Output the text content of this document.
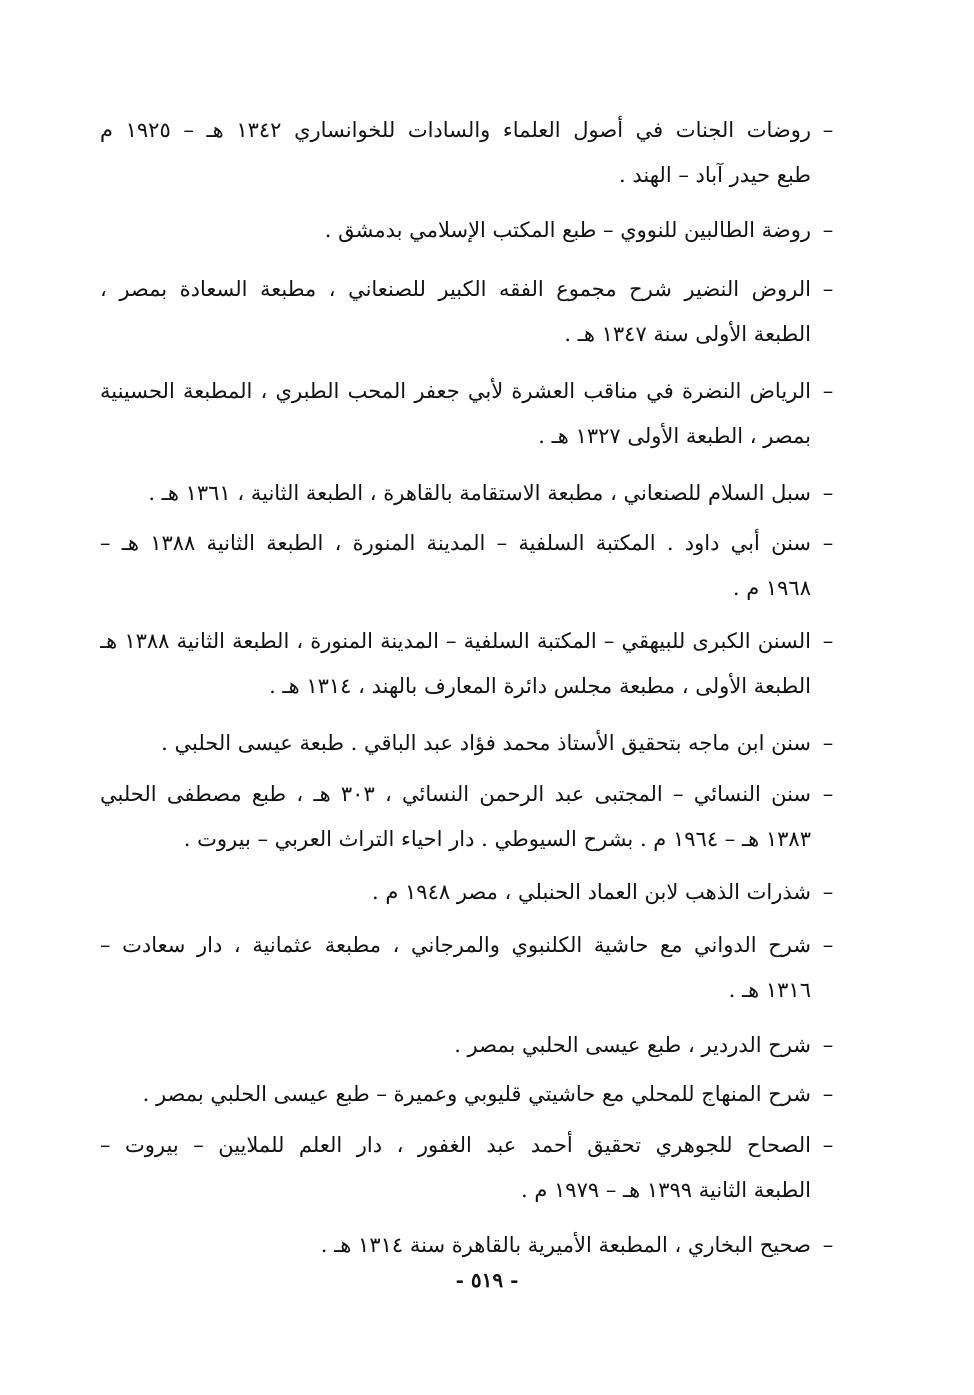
–
روضات الجنات في أصول العلماء والسادات للخوانساري ١٣٤٢ هـ – ١٩٢٥ م
طبع حيدر آباد – الهند .
–
روضة الطالبين للنووي – طبع المكتب الإسلامي بدمشق .
–
الروض النضير شرح مجموع الفقه الكبير للصنعاني ، مطبعة السعادة بمصر ،
الطبعة الأولى سنة ١٣٤٧ هـ .
–
الرياض النضرة في مناقب العشرة لأبي جعفر المحب الطبري ، المطبعة الحسينية
بمصر ، الطبعة الأولى ١٣٢٧ هـ .
–
سبل السلام للصنعاني ، مطبعة الاستقامة بالقاهرة ، الطبعة الثانية ، ١٣٦١ هـ .
–
سنن أبي داود . المكتبة السلفية – المدينة المنورة ، الطبعة الثانية ١٣٨٨ هـ –
١٩٦٨ م .
–
السنن الكبرى للبيهقي – المكتبة السلفية – المدينة المنورة ، الطبعة الثانية ١٣٨٨ هـ
الطبعة الأولى ، مطبعة مجلس دائرة المعارف بالهند ، ١٣١٤ هـ .
–
سنن ابن ماجه بتحقيق الأستاذ محمد فؤاد عبد الباقي . طبعة عيسى الحلبي .
–
سنن النسائي – المجتبى عبد الرحمن النسائي ، ٣٠٣ هـ ، طبع مصطفى الحلبي
١٣٨٣ هـ – ١٩٦٤ م . بشرح السيوطي . دار احياء التراث العربي – بيروت .
–
شذرات الذهب لابن العماد الحنبلي ، مصر ١٩٤٨ م .
–
شرح الدواني مع حاشية الكلنبوي والمرجاني ، مطبعة عثمانية ، دار سعادت –
١٣١٦ هـ .
–
شرح الدردير ، طبع عيسى الحلبي بمصر .
–
شرح المنهاج للمحلي مع حاشيتي قليوبي وعميرة – طبع عيسى الحلبي بمصر .
–
الصحاح للجوهري تحقيق أحمد عبد الغفور ، دار العلم للملايين – بيروت –
الطبعة الثانية ١٣٩٩ هـ – ١٩٧٩ م .
–
صحيح البخاري ، المطبعة الأميرية بالقاهرة سنة ١٣١٤ هـ .
- ٥١٩ -
